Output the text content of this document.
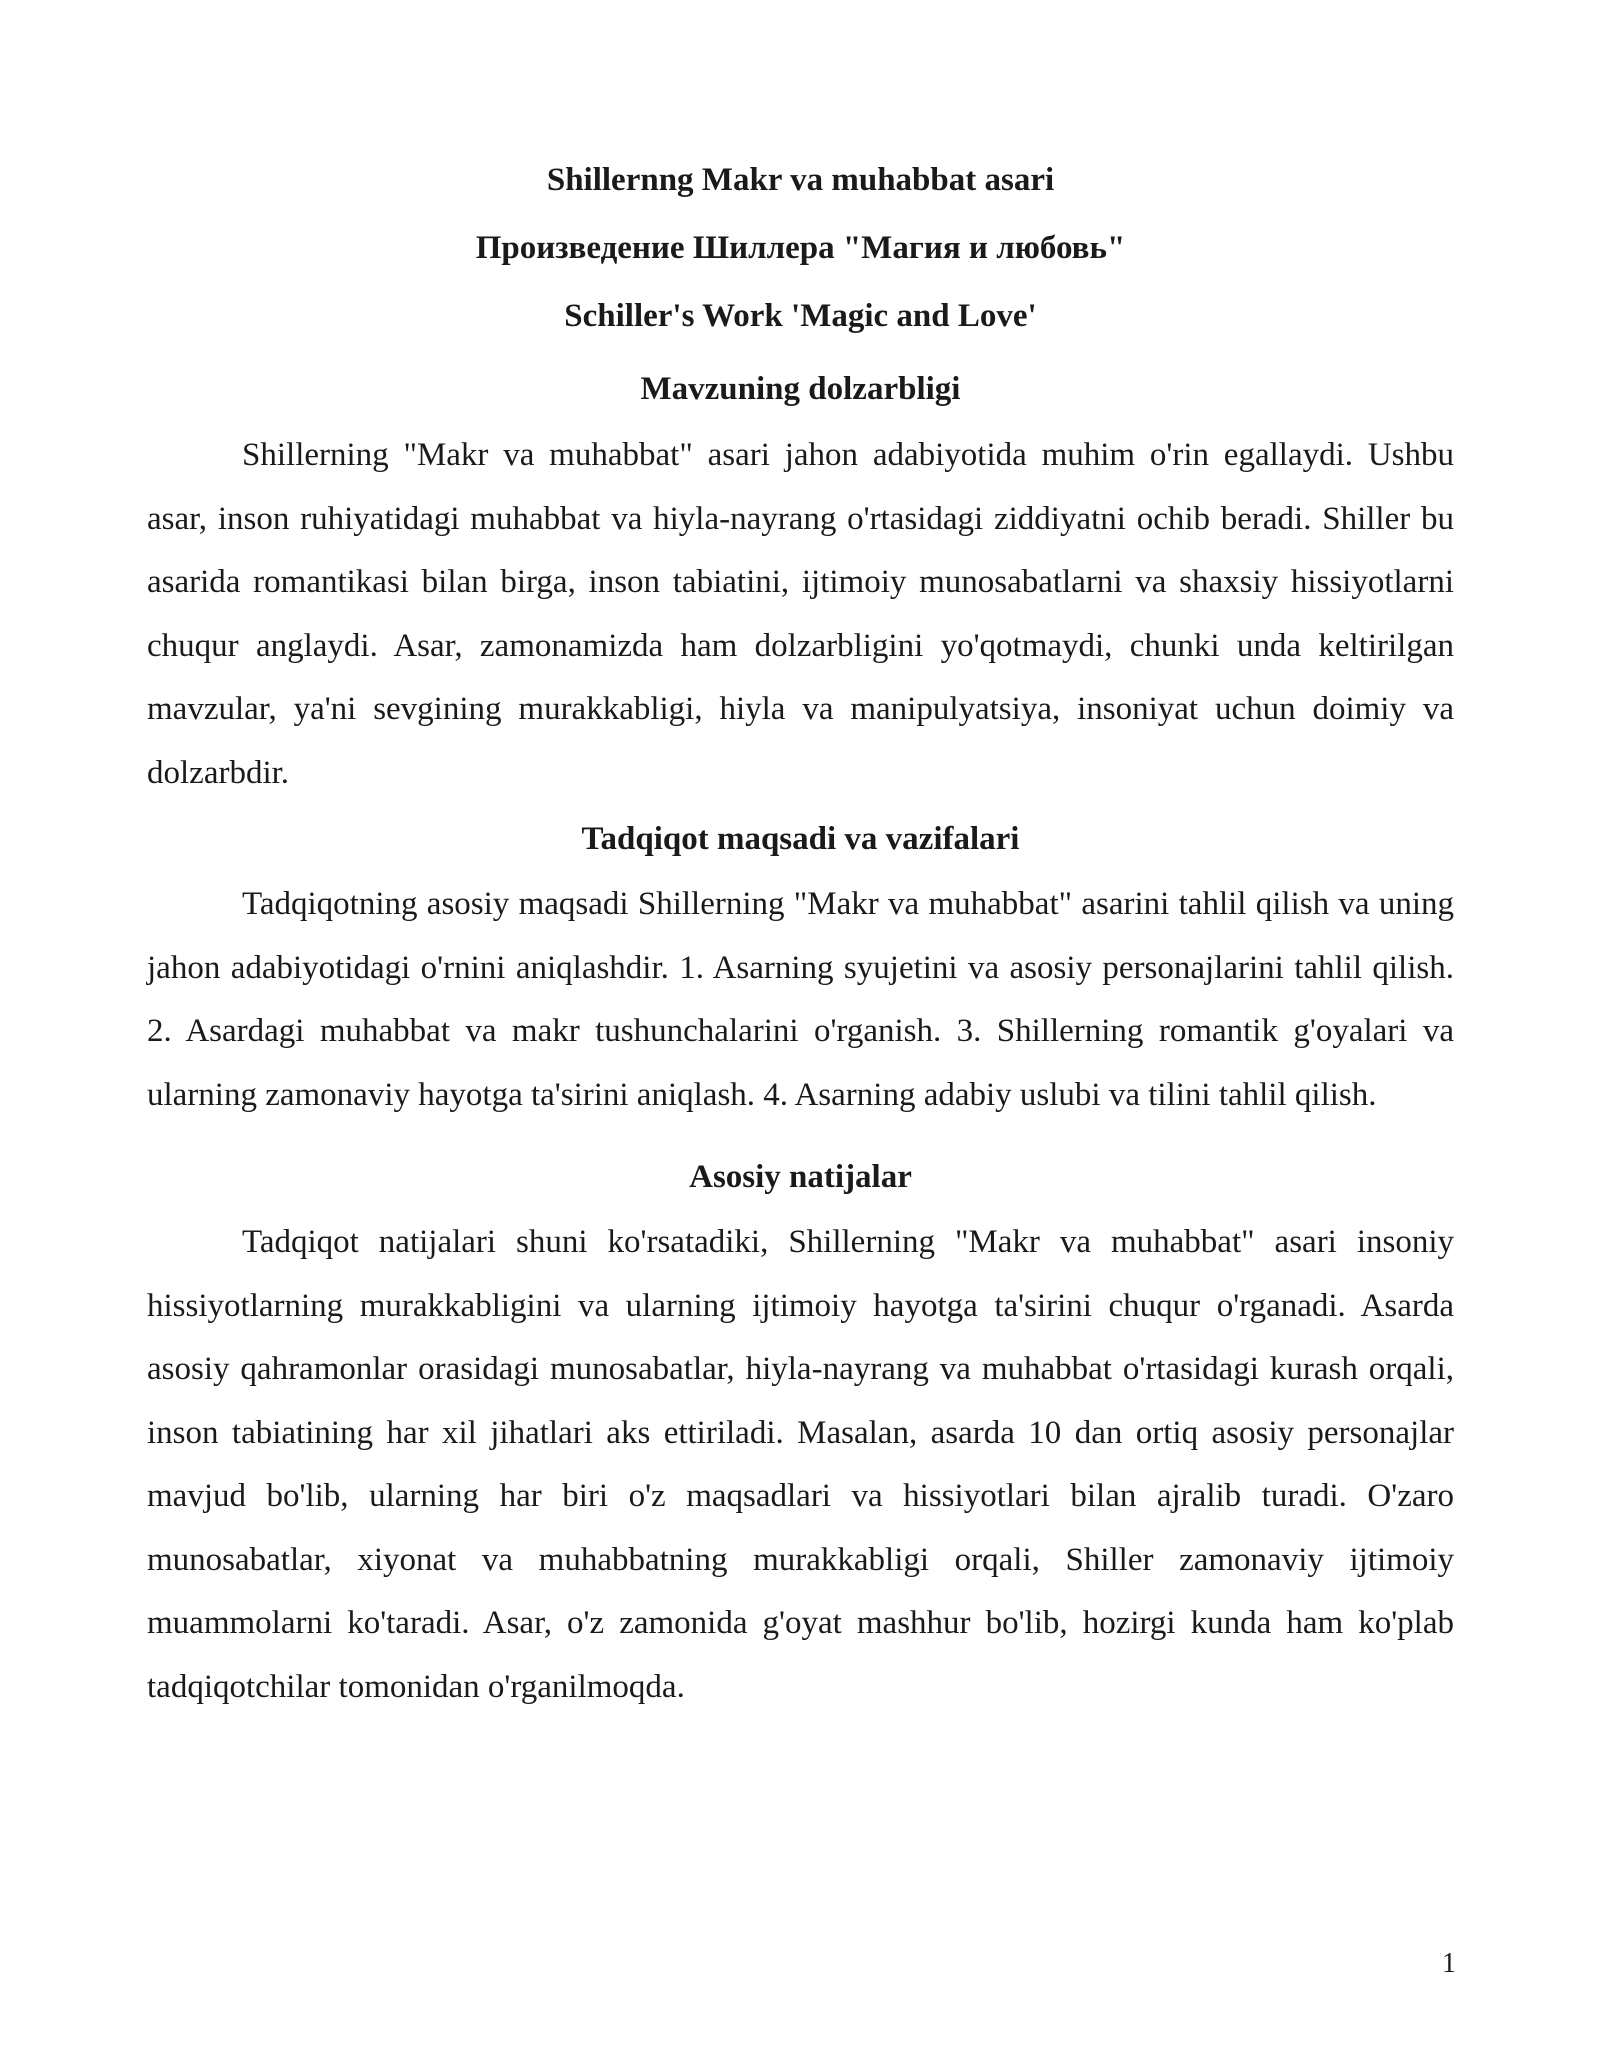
Shillernng Makr va muhabbat asari

Произведение Шиллера "Магия и любовь"

Schiller's Work 'Magic and Love'

Mavzuning dolzarbligi

Shillerning "Makr va muhabbat" asari jahon adabiyotida muhim o'rin egallaydi. Ushbu asar, inson ruhiyatidagi muhabbat va hiyla-nayrang o'rtasidagi ziddiyatni ochib beradi. Shiller bu asarida romantikasi bilan birga, inson tabiatini, ijtimoiy munosabatlarni va shaxsiy hissiyotlarni chuqur anglaydi. Asar, zamonamizda ham dolzarbligini yo'qotmaydi, chunki unda keltirilgan mavzular, ya'ni sevgining murakkabligi, hiyla va manipulyatsiya, insoniyat uchun doimiy va dolzarbdir.

Tadqiqot maqsadi va vazifalari

Tadqiqotning asosiy maqsadi Shillerning "Makr va muhabbat" asarini tahlil qilish va uning jahon adabiyotidagi o'rnini aniqlashdir. 1. Asarning syujetini va asosiy personajlarini tahlil qilish. 2. Asardagi muhabbat va makr tushunchalarini o'rganish. 3. Shillerning romantik g'oyalari va ularning zamonaviy hayotga ta'sirini aniqlash. 4. Asarning adabiy uslubi va tilini tahlil qilish.

Asosiy natijalar

Tadqiqot natijalari shuni ko'rsatadiki, Shillerning "Makr va muhabbat" asari insoniy hissiyotlarning murakkabligini va ularning ijtimoiy hayotga ta'sirini chuqur o'rganadi. Asarda asosiy qahramonlar orasidagi munosabatlar, hiyla-nayrang va muhabbat o'rtasidagi kurash orqali, inson tabiatining har xil jihatlari aks ettiriladi. Masalan, asarda 10 dan ortiq asosiy personajlar mavjud bo'lib, ularning har biri o'z maqsadlari va hissiyotlari bilan ajralib turadi. O'zaro munosabatlar, xiyonat va muhabbatning murakkabligi orqali, Shiller zamonaviy ijtimoiy muammolarni ko'taradi. Asar, o'z zamonida g'oyat mashhur bo'lib, hozirgi kunda ham ko'plab tadqiqotchilar tomonidan o'rganilmoqda.

1
